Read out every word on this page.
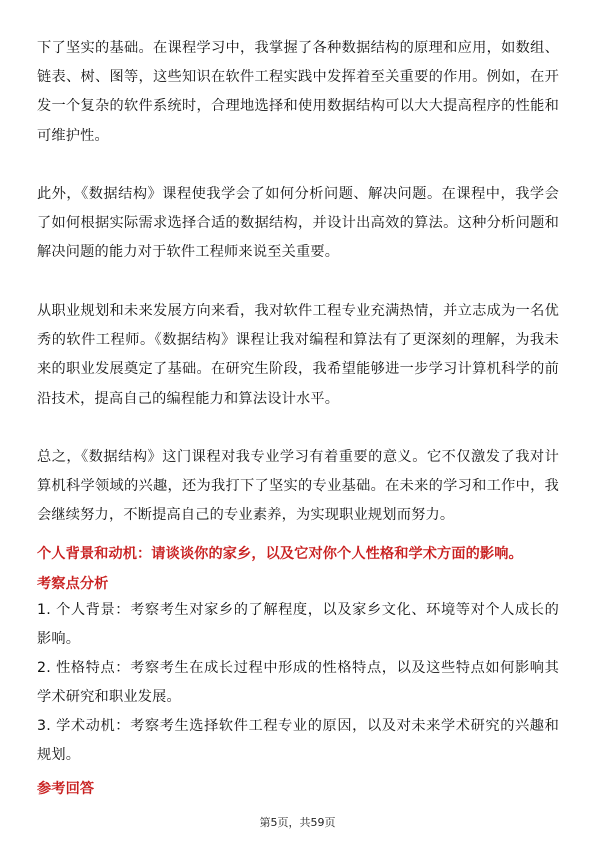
下了坚实的基础。在课程学习中，我掌握了各种数据结构的原理和应用，如数组、链表、树、图等，这些知识在软件工程实践中发挥着至关重要的作用。例如，在开发一个复杂的软件系统时，合理地选择和使用数据结构可以大大提高程序的性能和可维护性。

此外，《数据结构》课程使我学会了如何分析问题、解决问题。在课程中，我学会了如何根据实际需求选择合适的数据结构，并设计出高效的算法。这种分析问题和解决问题的能力对于软件工程师来说至关重要。

从职业规划和未来发展方向来看，我对软件工程专业充满热情，并立志成为一名优秀的软件工程师。《数据结构》课程让我对编程和算法有了更深刻的理解，为我未来的职业发展奠定了基础。在研究生阶段，我希望能够进一步学习计算机科学的前沿技术，提高自己的编程能力和算法设计水平。

总之，《数据结构》这门课程对我专业学习有着重要的意义。它不仅激发了我对计算机科学领域的兴趣，还为我打下了坚实的专业基础。在未来的学习和工作中，我会继续努力，不断提高自己的专业素养，为实现职业规划而努力。

个人背景和动机：请谈谈你的家乡，以及它对你个人性格和学术方面的影响。

考察点分析

1. 个人背景：考察考生对家乡的了解程度，以及家乡文化、环境等对个人成长的影响。

2. 性格特点：考察考生在成长过程中形成的性格特点，以及这些特点如何影响其学术研究和职业发展。

3. 学术动机：考察考生选择软件工程专业的原因，以及对未来学术研究的兴趣和规划。

参考回答

第5页，共59页
